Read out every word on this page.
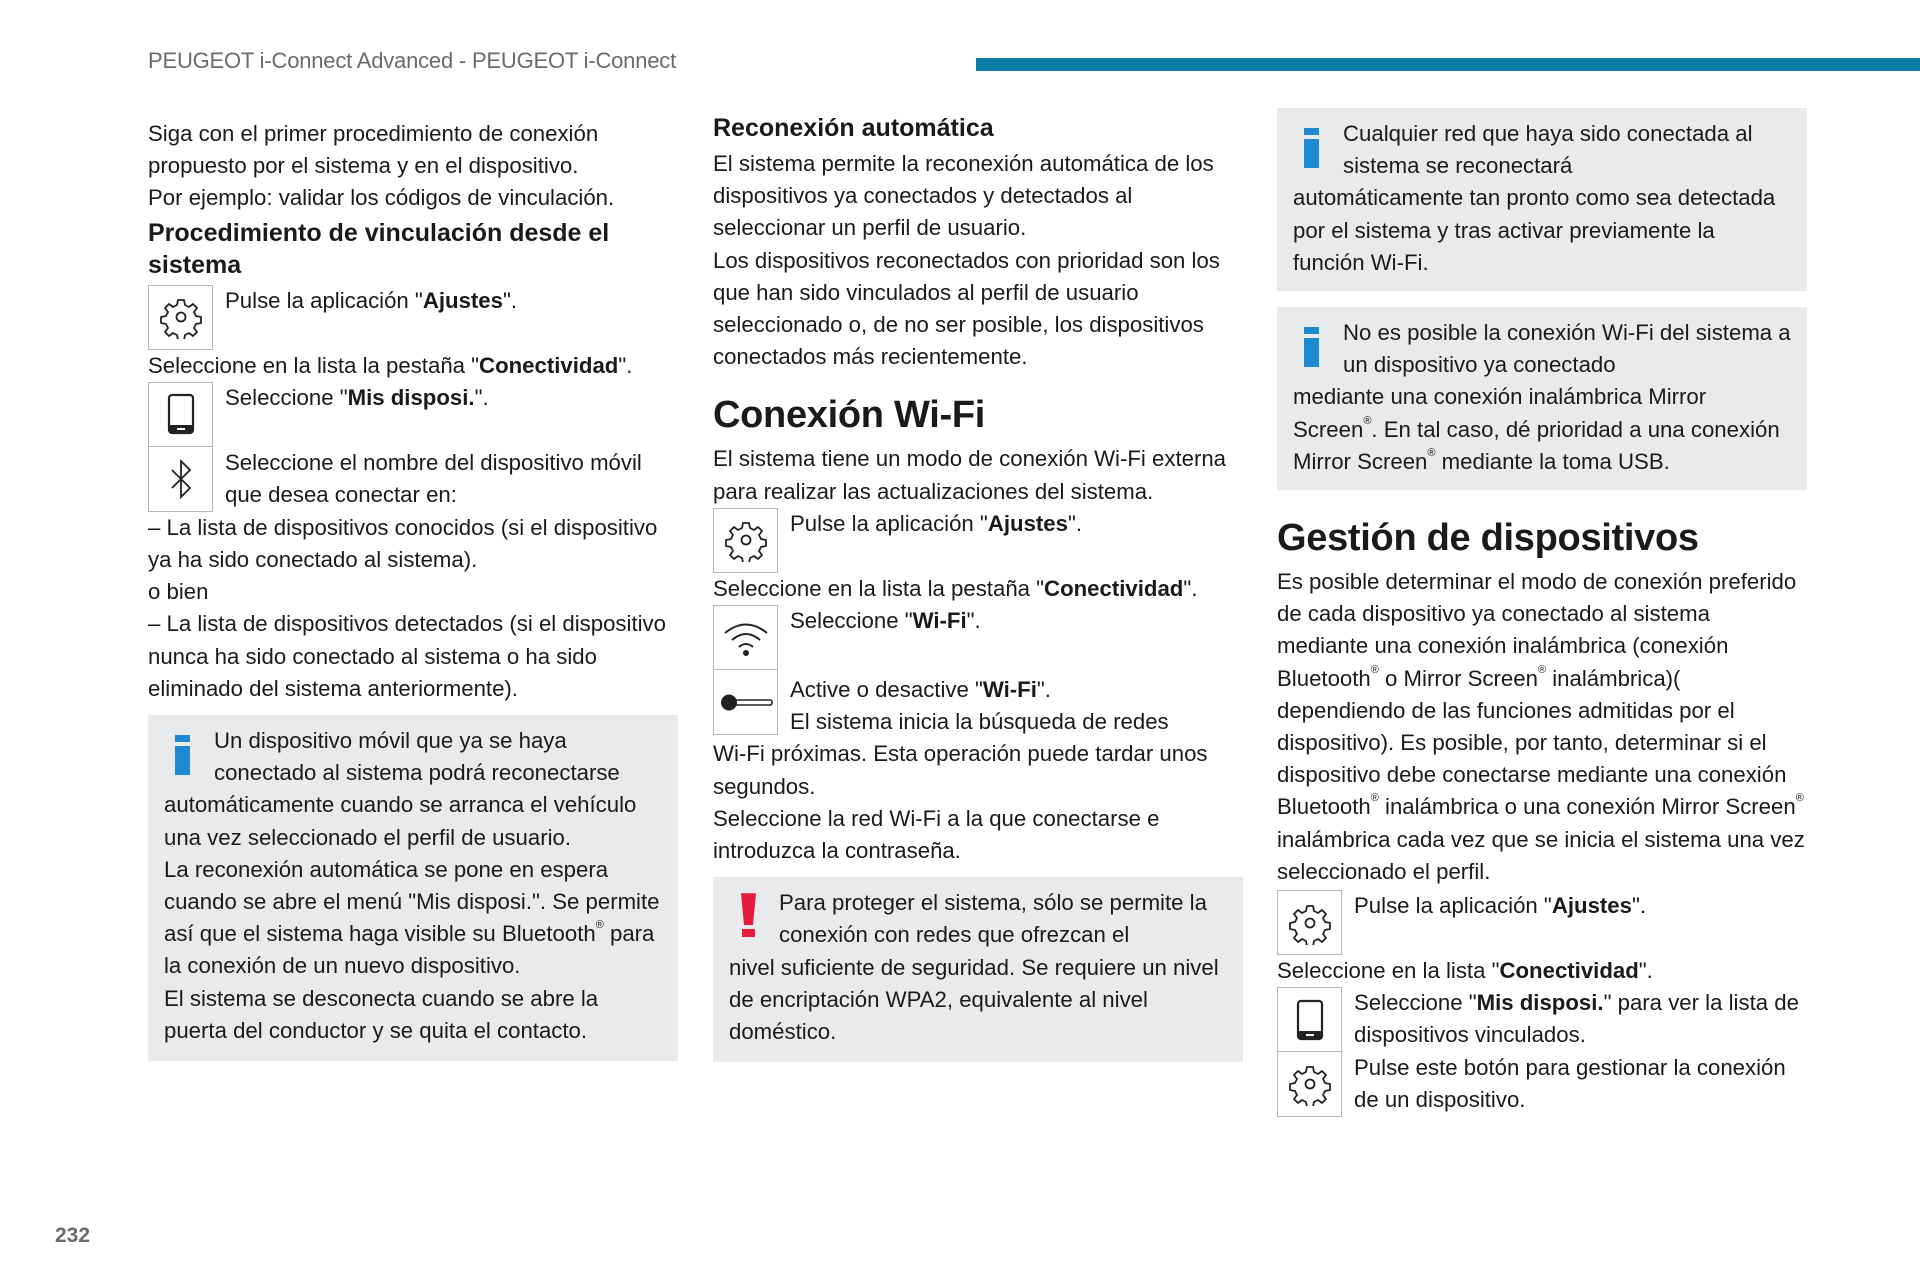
PEUGEOT i-Connect Advanced - PEUGEOT i-Connect

Siga con el primer procedimiento de conexión propuesto por el sistema y en el dispositivo.

Por ejemplo: validar los códigos de vinculación.

Procedimiento de vinculación desde el sistema

Pulse la aplicación "Ajustes".

Seleccione en la lista la pestaña "Conectividad".

Seleccione "Mis disposi.".

Seleccione el nombre del dispositivo móvil que desea conectar en:

– La lista de dispositivos conocidos (si el dispositivo ya ha sido conectado al sistema).

o bien

– La lista de dispositivos detectados (si el dispositivo nunca ha sido conectado al sistema o ha sido eliminado del sistema anteriormente).

Un dispositivo móvil que ya se haya conectado al sistema podrá reconectarse

automáticamente cuando se arranca el vehículo una vez seleccionado el perfil de usuario.

La reconexión automática se pone en espera cuando se abre el menú "Mis disposi.". Se permite así que el sistema haga visible su Bluetooth® para la conexión de un nuevo dispositivo.

El sistema se desconecta cuando se abre la puerta del conductor y se quita el contacto.

Reconexión automática

El sistema permite la reconexión automática de los dispositivos ya conectados y detectados al seleccionar un perfil de usuario.

Los dispositivos reconectados con prioridad son los que han sido vinculados al perfil de usuario seleccionado o, de no ser posible, los dispositivos conectados más recientemente.

Conexión Wi-Fi

El sistema tiene un modo de conexión Wi-Fi externa para realizar las actualizaciones del sistema.

Pulse la aplicación "Ajustes".

Seleccione en la lista la pestaña "Conectividad".

Seleccione "Wi-Fi".

Active o desactive "Wi-Fi".

El sistema inicia la búsqueda de redes

Wi-Fi próximas. Esta operación puede tardar unos segundos.

Seleccione la red Wi-Fi a la que conectarse e introduzca la contraseña.

Para proteger el sistema, sólo se permite la conexión con redes que ofrezcan el

nivel suficiente de seguridad. Se requiere un nivel de encriptación WPA2, equivalente al nivel doméstico.

Cualquier red que haya sido conectada al sistema se reconectará

automáticamente tan pronto como sea detectada por el sistema y tras activar previamente la función Wi-Fi.

No es posible la conexión Wi-Fi del sistema a un dispositivo ya conectado

mediante una conexión inalámbrica Mirror Screen®. En tal caso, dé prioridad a una conexión Mirror Screen® mediante la toma USB.

Gestión de dispositivos

Es posible determinar el modo de conexión preferido de cada dispositivo ya conectado al sistema mediante una conexión inalámbrica (conexión Bluetooth® o Mirror Screen® inalámbrica)( dependiendo de las funciones admitidas por el dispositivo). Es posible, por tanto, determinar si el dispositivo debe conectarse mediante una conexión Bluetooth® inalámbrica o una conexión Mirror Screen® inalámbrica cada vez que se inicia el sistema una vez seleccionado el perfil.

Pulse la aplicación "Ajustes".

Seleccione en la lista "Conectividad".

Seleccione "Mis disposi." para ver la lista de dispositivos vinculados.

Pulse este botón para gestionar la conexión de un dispositivo.

232
